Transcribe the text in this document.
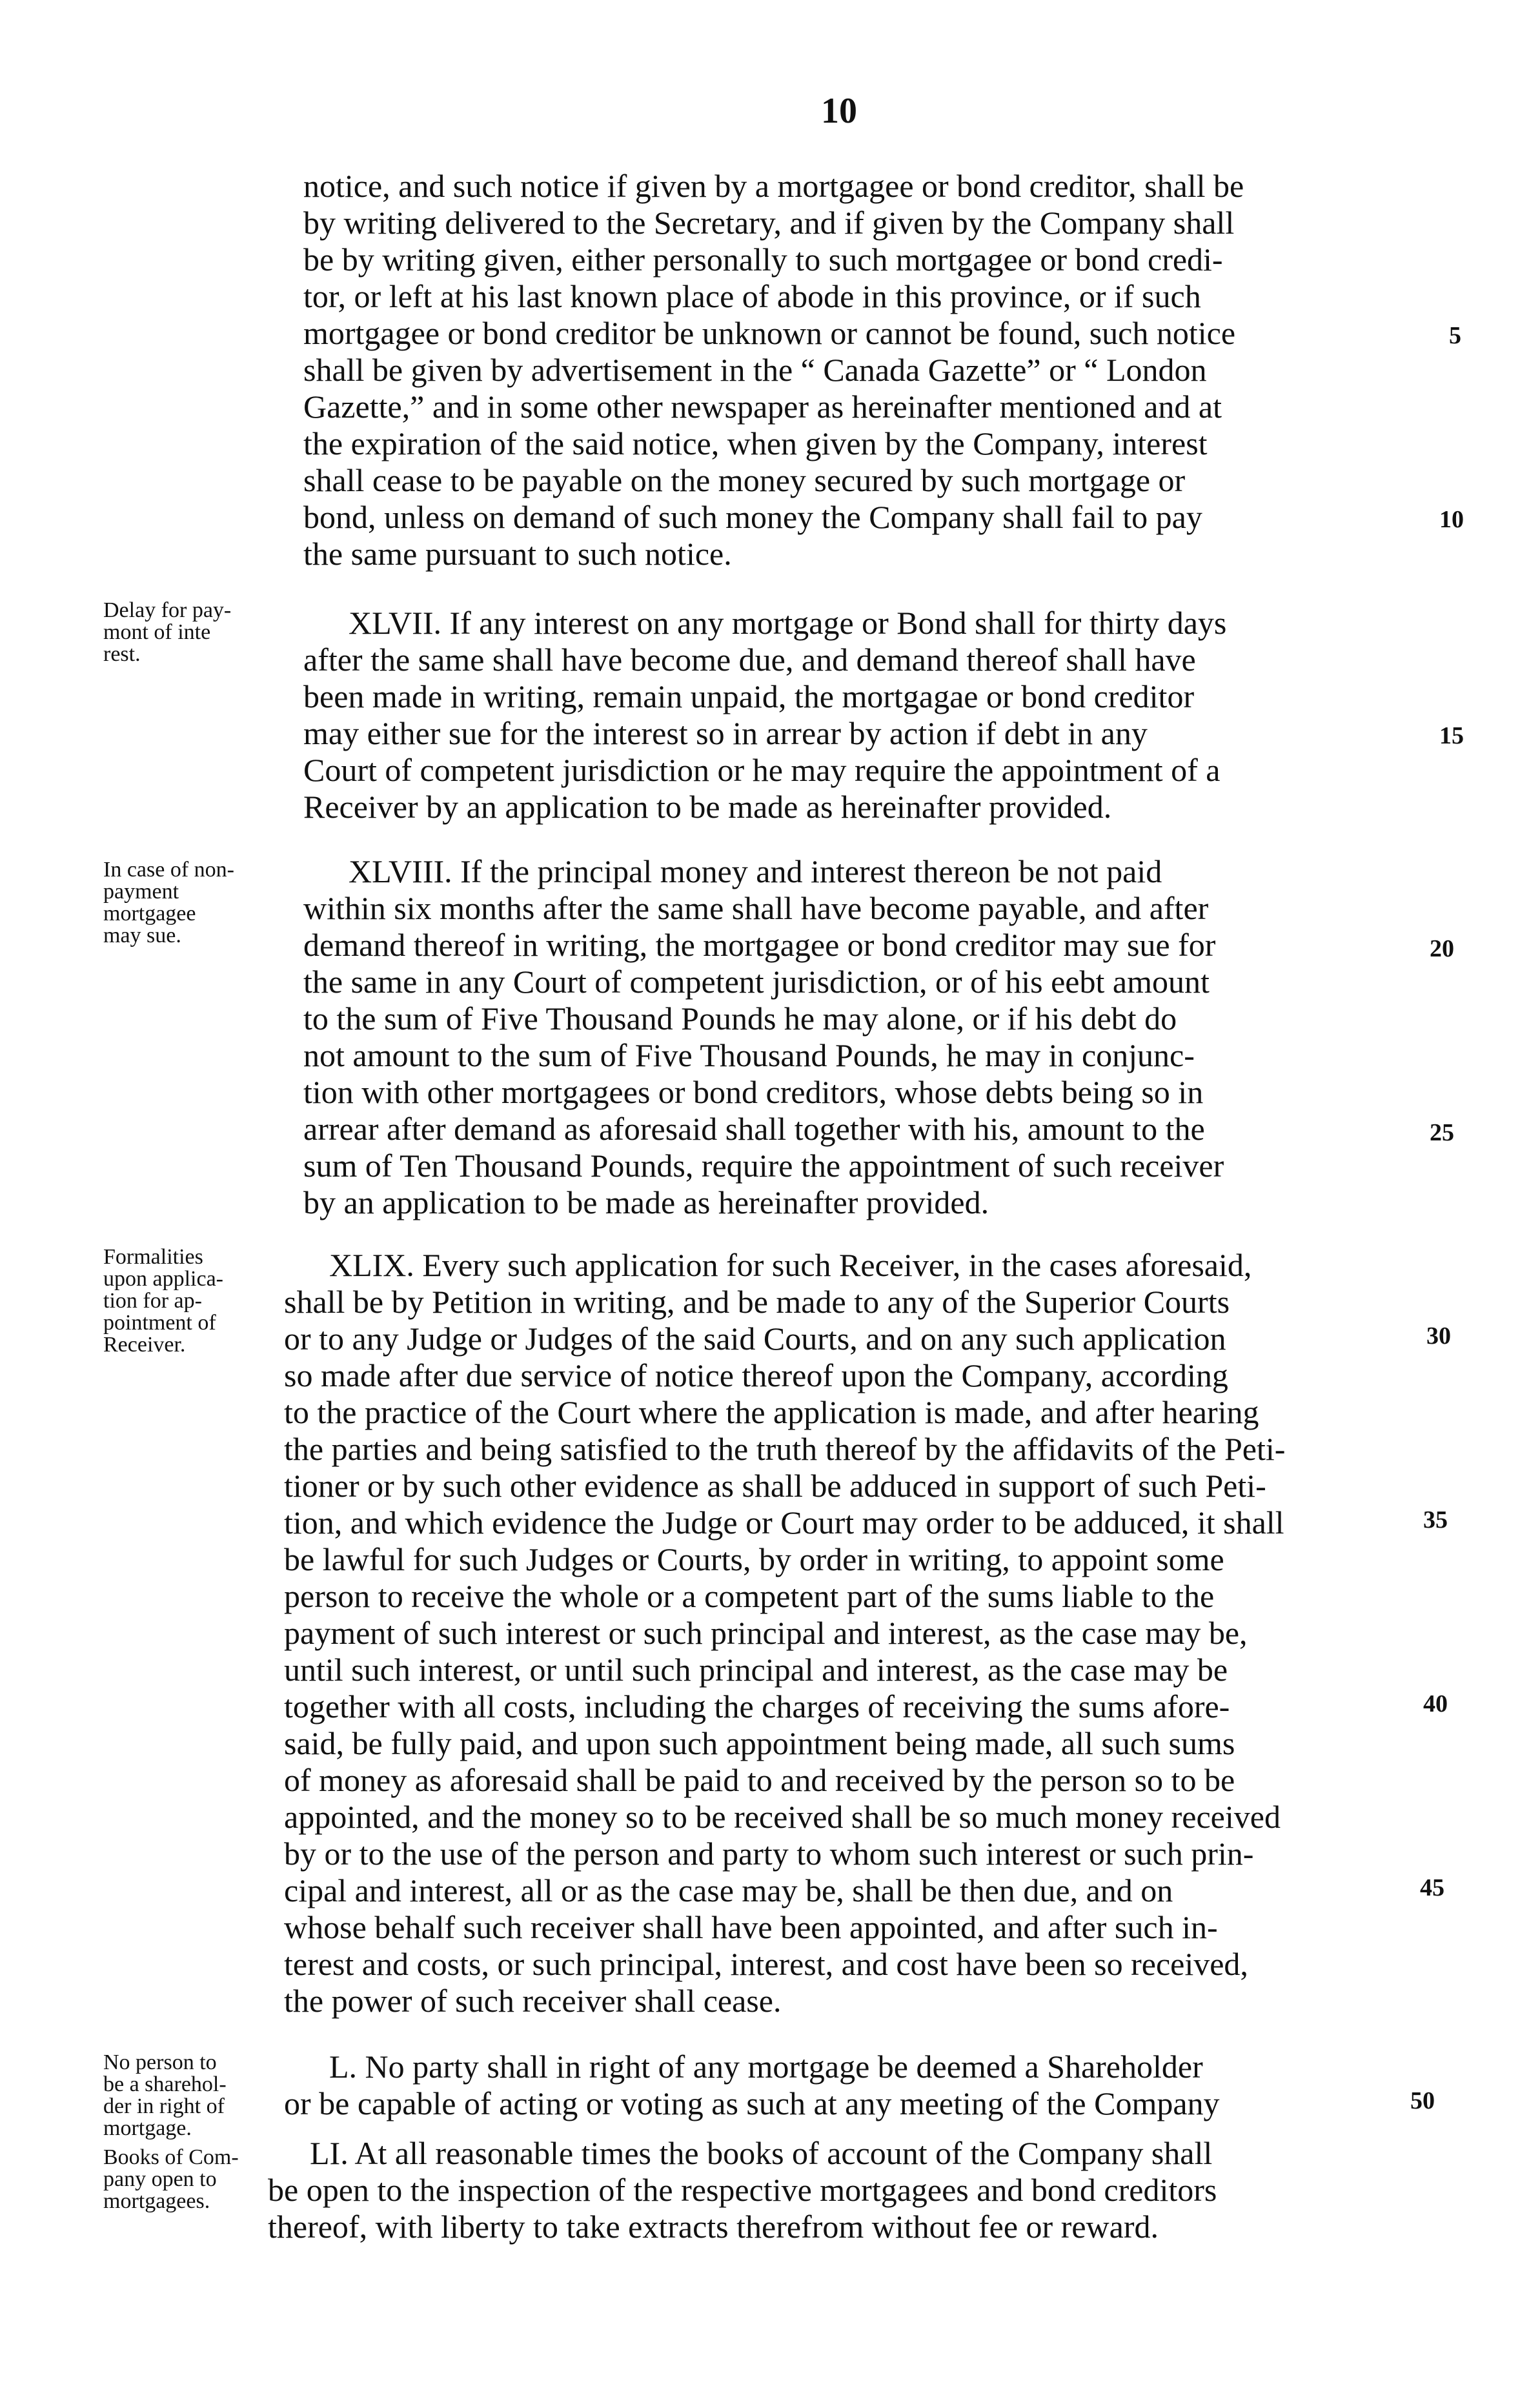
10
notice, and such notice if given by a mortgagee or bond creditor, shall be
by writing delivered to the Secretary, and if given by the Company shall
be by writing given, either personally to such mortgagee or bond credi-
tor, or left at his last known place of abode in this province, or if such
mortgagee or bond creditor be unknown or cannot be found, such notice
shall be given by advertisement in the “ Canada Gazette” or “ London
Gazette,” and in some other newspaper as hereinafter mentioned and at
the expiration of the said notice, when given by the Company, interest
shall cease to be payable on the money secured by such mortgage or
bond, unless on demand of such money the Company shall fail to pay
the same pursuant to such notice.
Delay for pay-
mont of inte
rest.
XLVII. If any interest on any mortgage or Bond shall for thirty days
after the same shall have become due, and demand thereof shall have
been made in writing, remain unpaid, the mortgagae or bond creditor
may either sue for the interest so in arrear by action if debt in any
Court of competent jurisdiction or he may require the appointment of a
Receiver by an application to be made as hereinafter provided.
In case of non-
payment
mortgagee
may sue.
XLVIII. If the principal money and interest thereon be not paid
within six months after the same shall have become payable, and after
demand thereof in writing, the mortgagee or bond creditor may sue for
the same in any Court of competent jurisdiction, or of his eebt amount
to the sum of Five Thousand Pounds he may alone, or if his debt do
not amount to the sum of Five Thousand Pounds, he may in conjunc-
tion with other mortgagees or bond creditors, whose debts being so in
arrear after demand as aforesaid shall together with his, amount to the
sum of Ten Thousand Pounds, require the appointment of such receiver
by an application to be made as hereinafter provided.
Formalities
upon applica-
tion for ap-
pointment of
Receiver.
XLIX. Every such application for such Receiver, in the cases aforesaid,
shall be by Petition in writing, and be made to any of the Superior Courts
or to any Judge or Judges of the said Courts, and on any such application
so made after due service of notice thereof upon the Company, according
to the practice of the Court where the application is made, and after hearing
the parties and being satisfied to the truth thereof by the affidavits of the Peti-
tioner or by such other evidence as shall be adduced in support of such Peti-
tion, and which evidence the Judge or Court may order to be adduced, it shall
be lawful for such Judges or Courts, by order in writing, to appoint some
person to receive the whole or a competent part of the sums liable to the
payment of such interest or such principal and interest, as the case may be,
until such interest, or until such principal and interest, as the case may be
together with all costs, including the charges of receiving the sums afore-
said, be fully paid, and upon such appointment being made, all such sums
of money as aforesaid shall be paid to and received by the person so to be
appointed, and the money so to be received shall be so much money received
by or to the use of the person and party to whom such interest or such prin-
cipal and interest, all or as the case may be, shall be then due, and on
whose behalf such receiver shall have been appointed, and after such in-
terest and costs, or such principal, interest, and cost have been so received,
the power of such receiver shall cease.
No person to
be a sharehol-
der in right of
mortgage.
L. No party shall in right of any mortgage be deemed a Shareholder
or be capable of acting or voting as such at any meeting of the Company
Books of Com-
pany open to
mortgagees.
LI. At all reasonable times the books of account of the Company shall
be open to the inspection of the respective mortgagees and bond creditors
thereof, with liberty to take extracts therefrom without fee or reward.
5
10
15
20
25
30
35
40
45
50
